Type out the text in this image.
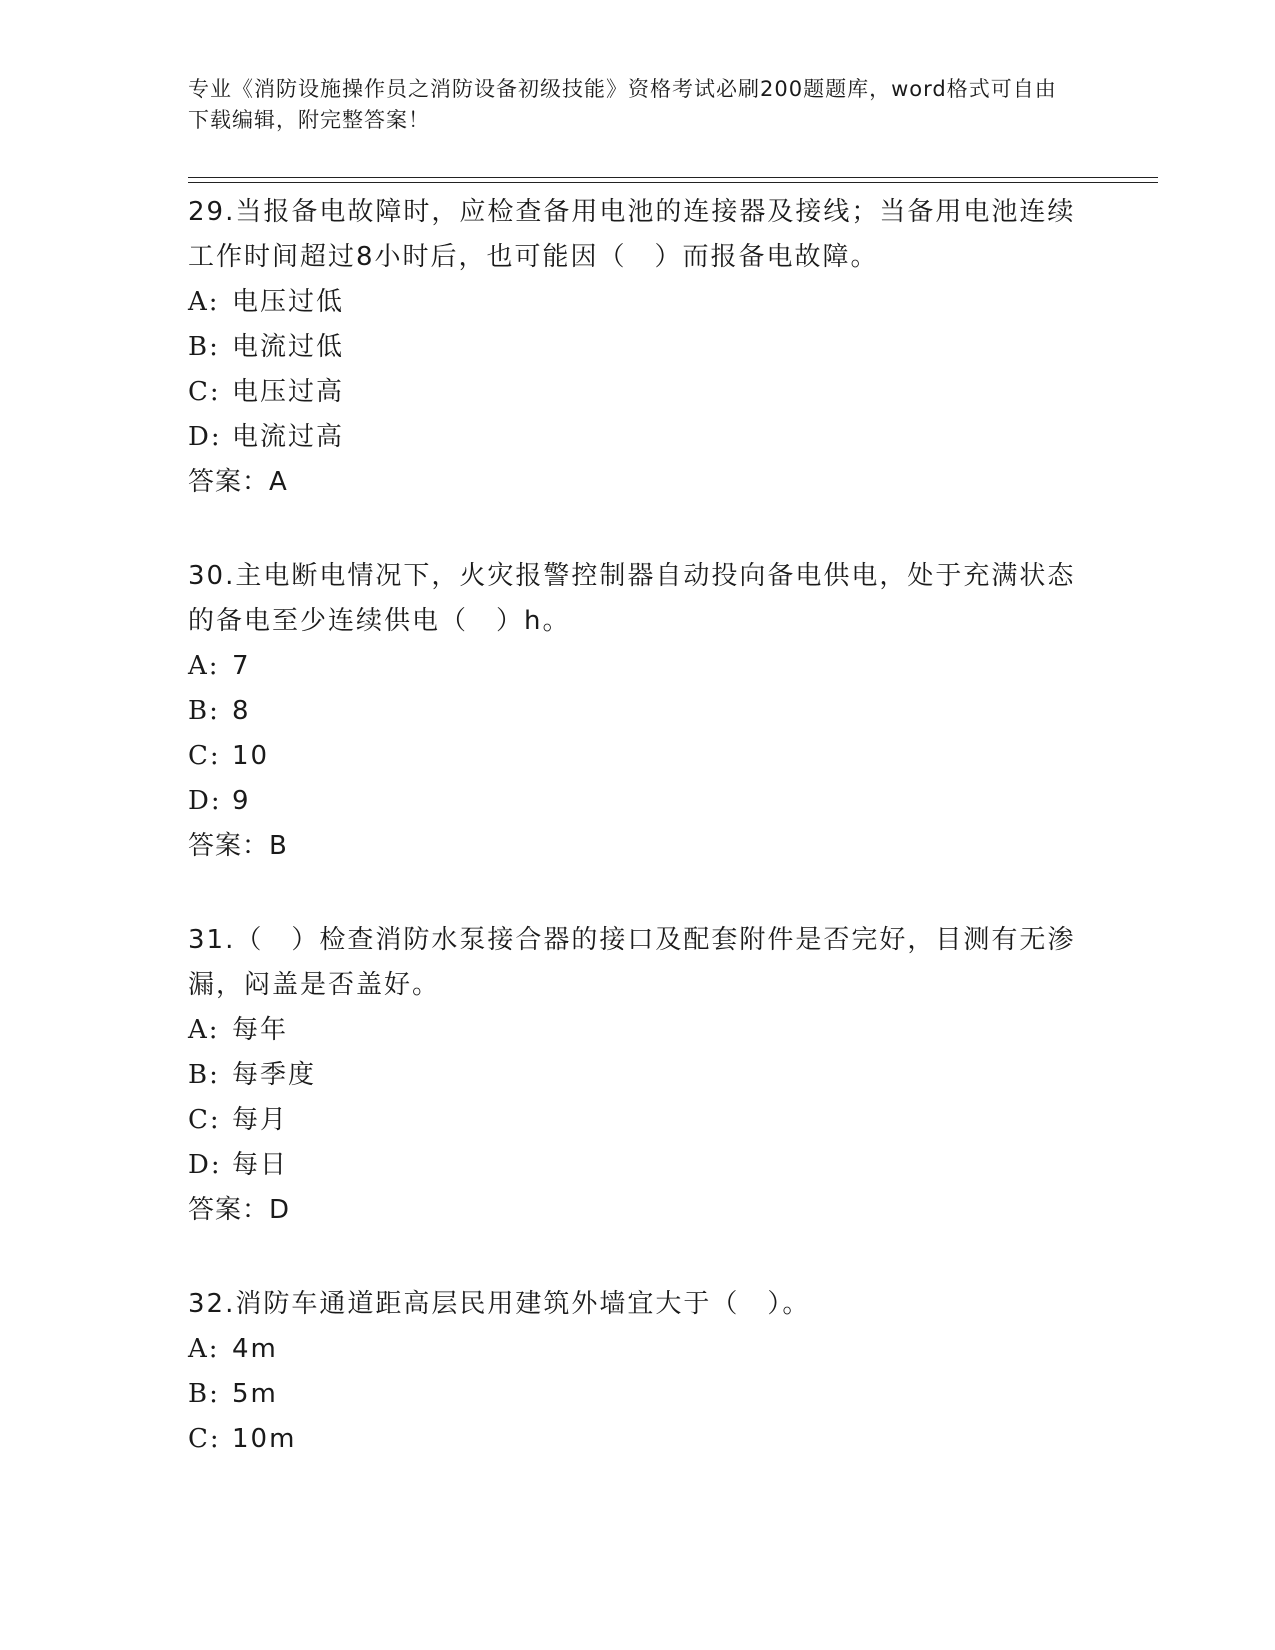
专业《消防设施操作员之消防设备初级技能》资格考试必刷200题题库，word格式可自由下载编辑，附完整答案！

29.当报备电故障时，应检查备用电池的连接器及接线；当备用电池连续工作时间超过8小时后，也可能因（　）而报备电故障。

A: 电压过低
B: 电流过低
C: 电压过高
D: 电流过高

答案：A

30.主电断电情况下，火灾报警控制器自动投向备电供电，处于充满状态的备电至少连续供电（　）h。

A: 7
B: 8
C: 10
D: 9

答案：B

31.（　）检查消防水泵接合器的接口及配套附件是否完好，目测有无渗漏，闷盖是否盖好。

A: 每年
B: 每季度
C: 每月
D: 每日

答案：D

32.消防车通道距高层民用建筑外墙宜大于（　）。

A: 4m
B: 5m
C: 10m
